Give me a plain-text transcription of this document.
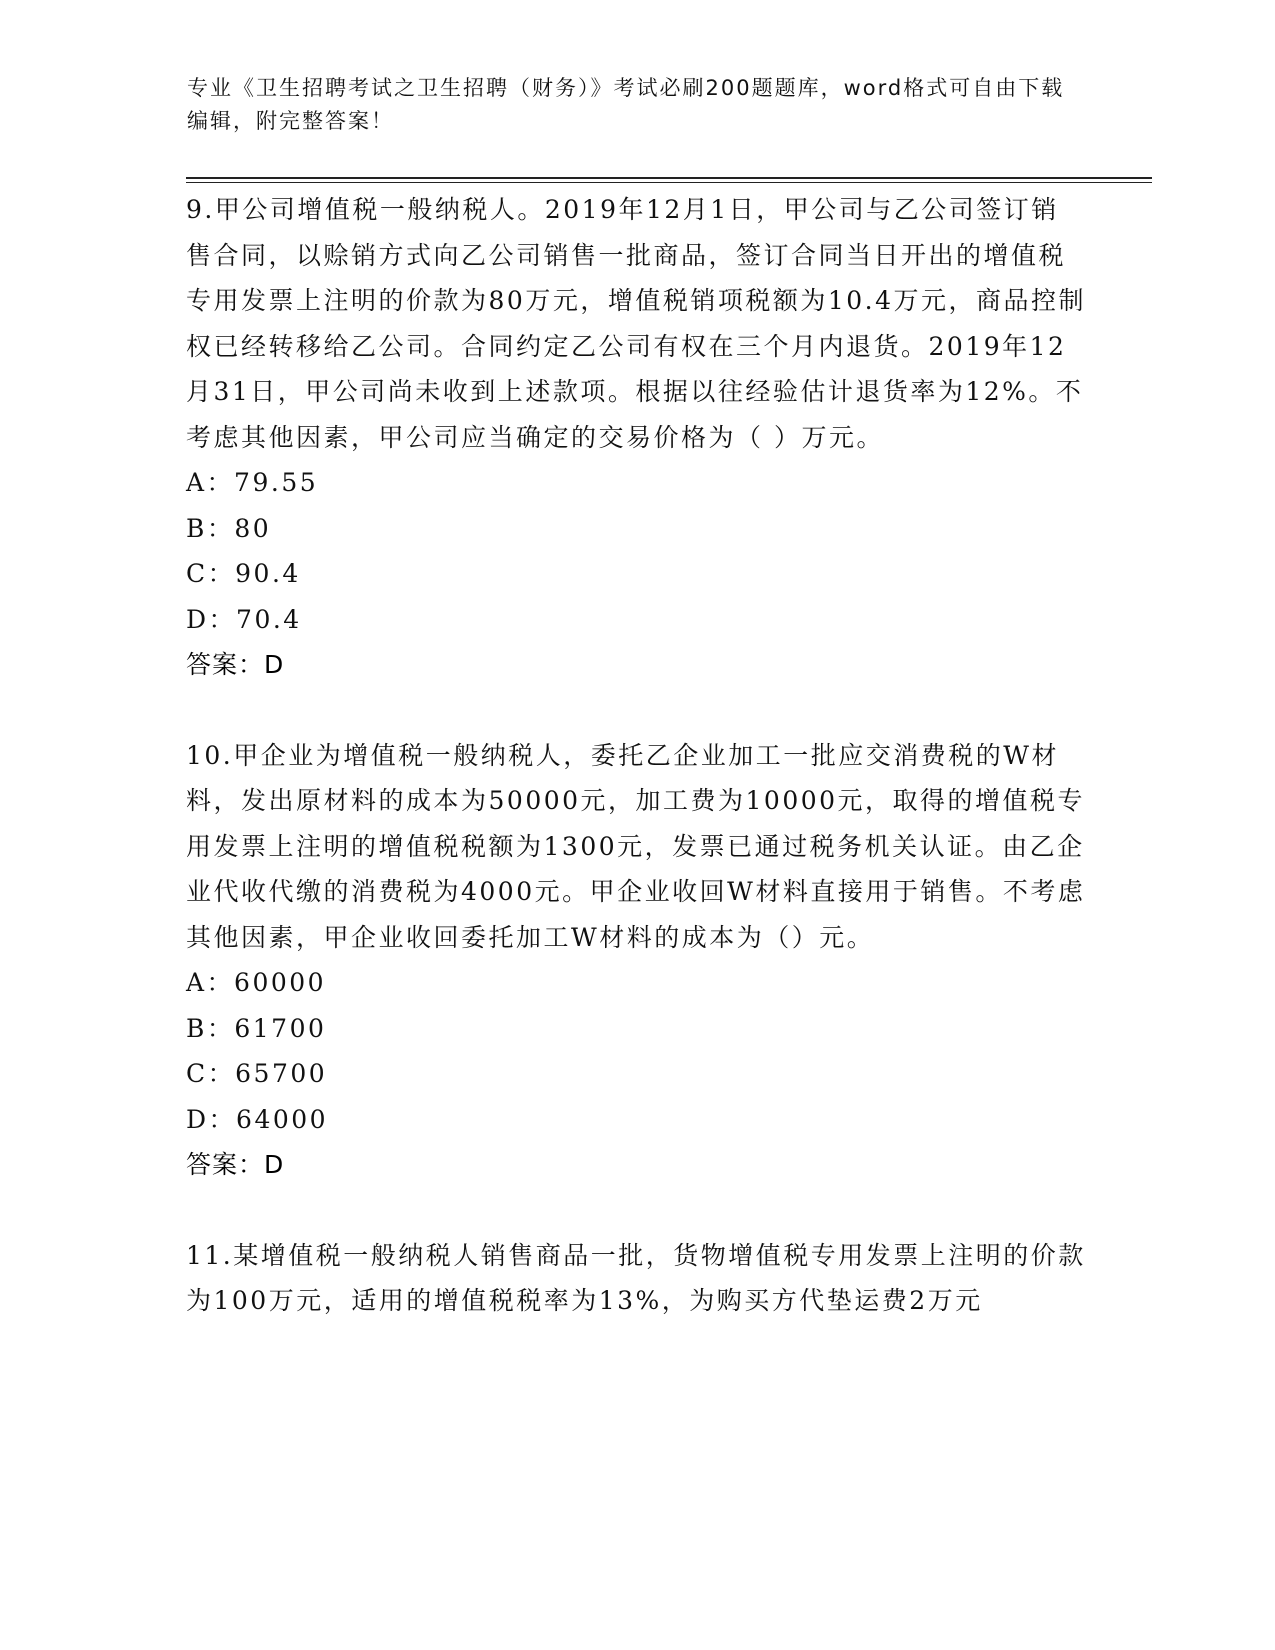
专业《卫生招聘考试之卫生招聘（财务）》考试必刷200题题库，word格式可自由下载编辑，附完整答案！

9.甲公司增值税一般纳税人。2019年12月1日，甲公司与乙公司签订销售合同，以赊销方式向乙公司销售一批商品，签订合同当日开出的增值税专用发票上注明的价款为80万元，增值税销项税额为10.4万元，商品控制权已经转移给乙公司。合同约定乙公司有权在三个月内退货。2019年12月31日，甲公司尚未收到上述款项。根据以往经验估计退货率为12%。不考虑其他因素，甲公司应当确定的交易价格为（ ）万元。

A：79.55

B：80

C：90.4

D：70.4

答案：D

10.甲企业为增值税一般纳税人，委托乙企业加工一批应交消费税的W材料，发出原材料的成本为50000元，加工费为10000元，取得的增值税专用发票上注明的增值税税额为1300元，发票已通过税务机关认证。由乙企业代收代缴的消费税为4000元。甲企业收回W材料直接用于销售。不考虑其他因素，甲企业收回委托加工W材料的成本为（）元。

A：60000

B：61700

C：65700

D：64000

答案：D

11.某增值税一般纳税人销售商品一批，货物增值税专用发票上注明的价款为100万元，适用的增值税税率为13%，为购买方代垫运费2万元
